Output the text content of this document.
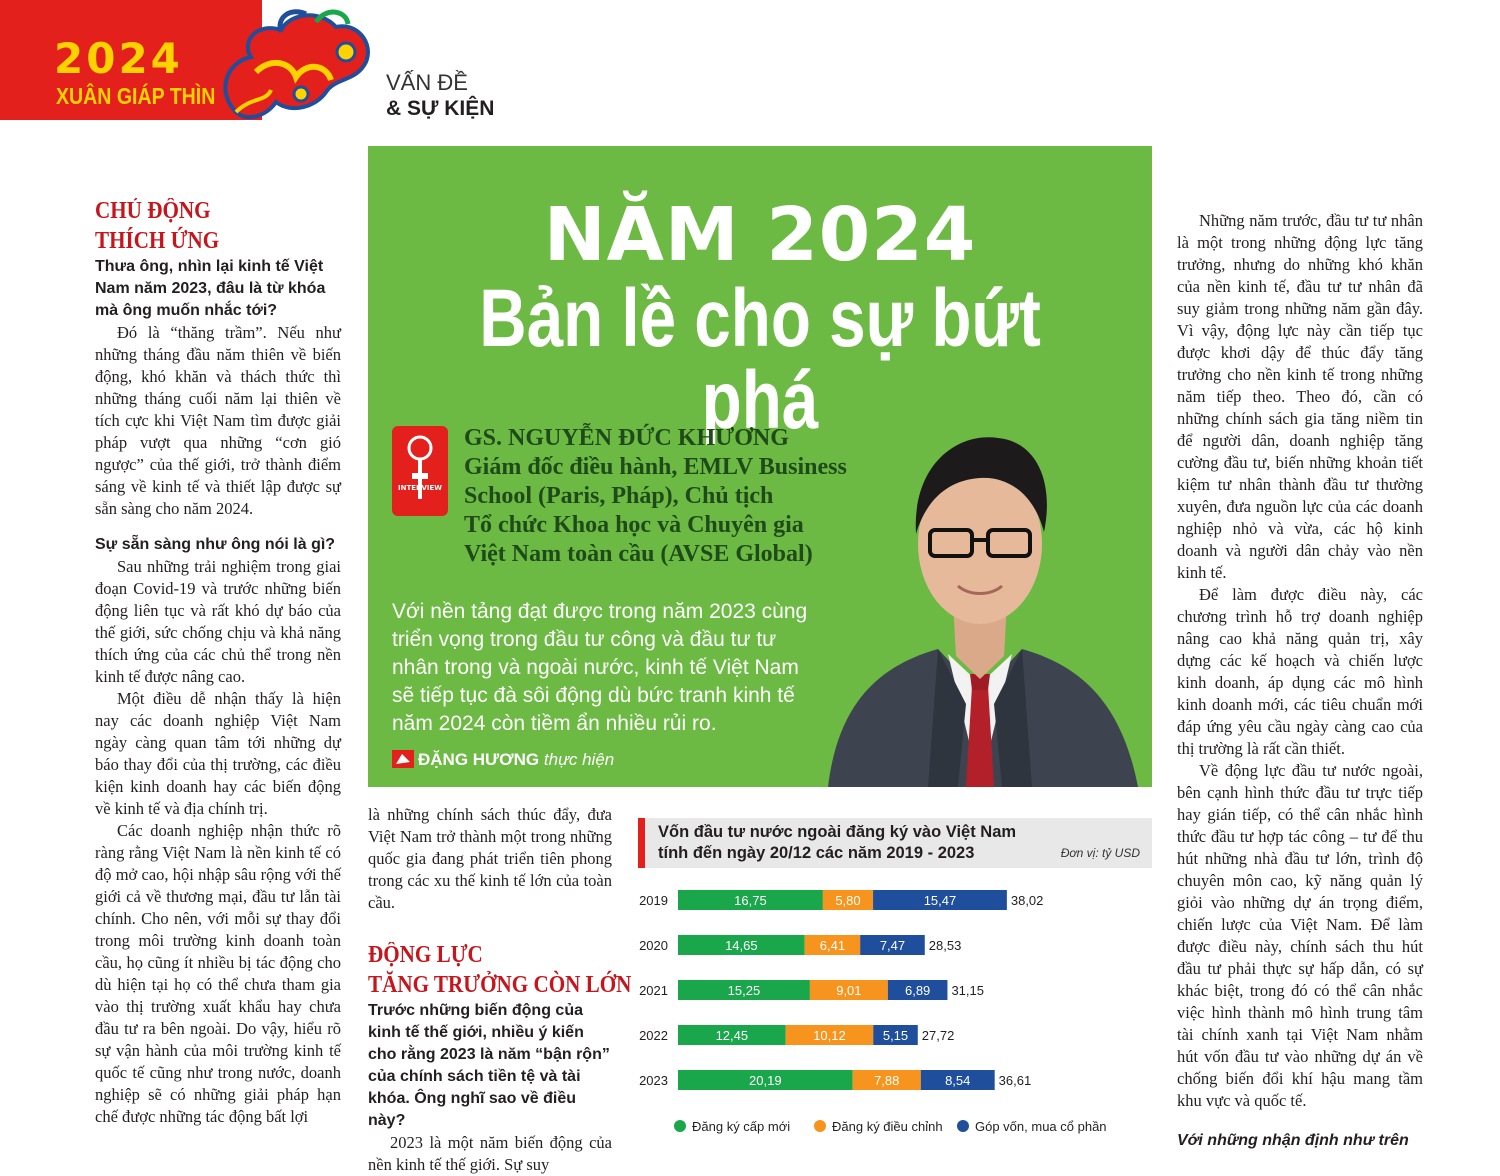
2024
XUÂN GIÁP THÌN
VẤN ĐỀ
& SỰ KIỆN
CHỦ ĐỘNG
THÍCH ỨNG

Thưa ông, nhìn lại kinh tế Việt Nam năm 2023, đâu là từ khóa mà ông muốn nhắc tới?

Đó là “thăng trầm”. Nếu như những tháng đầu năm thiên về biến động, khó khăn và thách thức thì những tháng cuối năm lại thiên về tích cực khi Việt Nam tìm được giải pháp vượt qua những “cơn gió ngược” của thế giới, trở thành điểm sáng về kinh tế và thiết lập được sự sẵn sàng cho năm 2024.

Sự sẵn sàng như ông nói là gì?

Sau những trải nghiệm trong giai đoạn Covid-19 và trước những biến động liên tục và rất khó dự báo của thế giới, sức chống chịu và khả năng thích ứng của các chủ thể trong nền kinh tế được nâng cao.

Một điều dễ nhận thấy là hiện nay các doanh nghiệp Việt Nam ngày càng quan tâm tới những dự báo thay đổi của thị trường, các điều kiện kinh doanh hay các biến động về kinh tế và địa chính trị.

Các doanh nghiệp nhận thức rõ ràng rằng Việt Nam là nền kinh tế có độ mở cao, hội nhập sâu rộng với thế giới cả về thương mại, đầu tư lẫn tài chính. Cho nên, với mỗi sự thay đổi trong môi trường kinh doanh toàn cầu, họ cũng ít nhiều bị tác động cho dù hiện tại họ có thể chưa tham gia vào thị trường xuất khẩu hay chưa đầu tư ra bên ngoài. Do vậy, hiểu rõ sự vận hành của môi trường kinh tế quốc tế cũng như trong nước, doanh nghiệp sẽ có những giải pháp hạn chế được những tác động bất lợi

NĂM 2024
Bản lề cho sự bứt phá
INTERVIEW
GS. NGUYỄN ĐỨC KHƯƠNG
Giám đốc điều hành, EMLV Business
School (Paris, Pháp), Chủ tịch
Tổ chức Khoa học và Chuyên gia
Việt Nam toàn cầu (AVSE Global)
Với nền tảng đạt được trong năm 2023 cùng
triển vọng trong đầu tư công và đầu tư tư
nhân trong và ngoài nước, kinh tế Việt Nam
sẽ tiếp tục đà sôi động dù bức tranh kinh tế
năm 2024 còn tiềm ẩn nhiều rủi ro.
ĐẶNG HƯƠNG thực hiện

là những chính sách thúc đẩy, đưa Việt Nam trở thành một trong những quốc gia đang phát triển tiên phong trong các xu thế kinh tế lớn của toàn cầu.

ĐỘNG LỰC
TĂNG TRƯỞNG CÒN LỚN

Trước những biến động của kinh tế thế giới, nhiều ý kiến cho rằng 2023 là năm “bận rộn” của chính sách tiền tệ và tài khóa. Ông nghĩ sao về điều này?

2023 là một năm biến động của nền kinh tế thế giới. Sự suy

Vốn đầu tư nước ngoài đăng ký vào Việt Nam
tính đến ngày 20/12 các năm 2019 - 2023	Đơn vị: tỷ USD
2019	16,75	5,80	15,47	38,02
2020	14,65	6,41	7,47 28,53
2021	15,25	9,01	6,89 31,15
2022	12,45	10,12	5,15 27,72
2023	20,19	7,88	8,54 36,61
Đăng ký cấp mới	Đăng ký điều chỉnh Góp vốn, mua cổ phần

Những năm trước, đầu tư tư nhân là một trong những động lực tăng trưởng, nhưng do những khó khăn của nền kinh tế, đầu tư tư nhân đã suy giảm trong những năm gần đây. Vì vậy, động lực này cần tiếp tục được khơi dậy để thúc đẩy tăng trưởng cho nền kinh tế trong những năm tiếp theo. Theo đó, cần có những chính sách gia tăng niềm tin để người dân, doanh nghiệp tăng cường đầu tư, biến những khoản tiết kiệm tư nhân thành đầu tư thường xuyên, đưa nguồn lực của các doanh nghiệp nhỏ và vừa, các hộ kinh doanh và người dân chảy vào nền kinh tế.

Để làm được điều này, các chương trình hỗ trợ doanh nghiệp nâng cao khả năng quản trị, xây dựng các kế hoạch và chiến lược kinh doanh, áp dụng các mô hình kinh doanh mới, các tiêu chuẩn mới đáp ứng yêu cầu ngày càng cao của thị trường là rất cần thiết.

Về động lực đầu tư nước ngoài, bên cạnh hình thức đầu tư trực tiếp hay gián tiếp, có thể cân nhắc hình thức đầu tư hợp tác công – tư để thu hút những nhà đầu tư lớn, trình độ chuyên môn cao, kỹ năng quản lý giỏi vào những dự án trọng điểm, chiến lược của Việt Nam. Để làm được điều này, chính sách thu hút đầu tư phải thực sự hấp dẫn, có sự khác biệt, trong đó có thể cân nhắc việc hình thành mô hình trung tâm tài chính xanh tại Việt Nam nhằm hút vốn đầu tư vào những dự án về chống biến đổi khí hậu mang tầm khu vực và quốc tế.

Với những nhận định như trên
